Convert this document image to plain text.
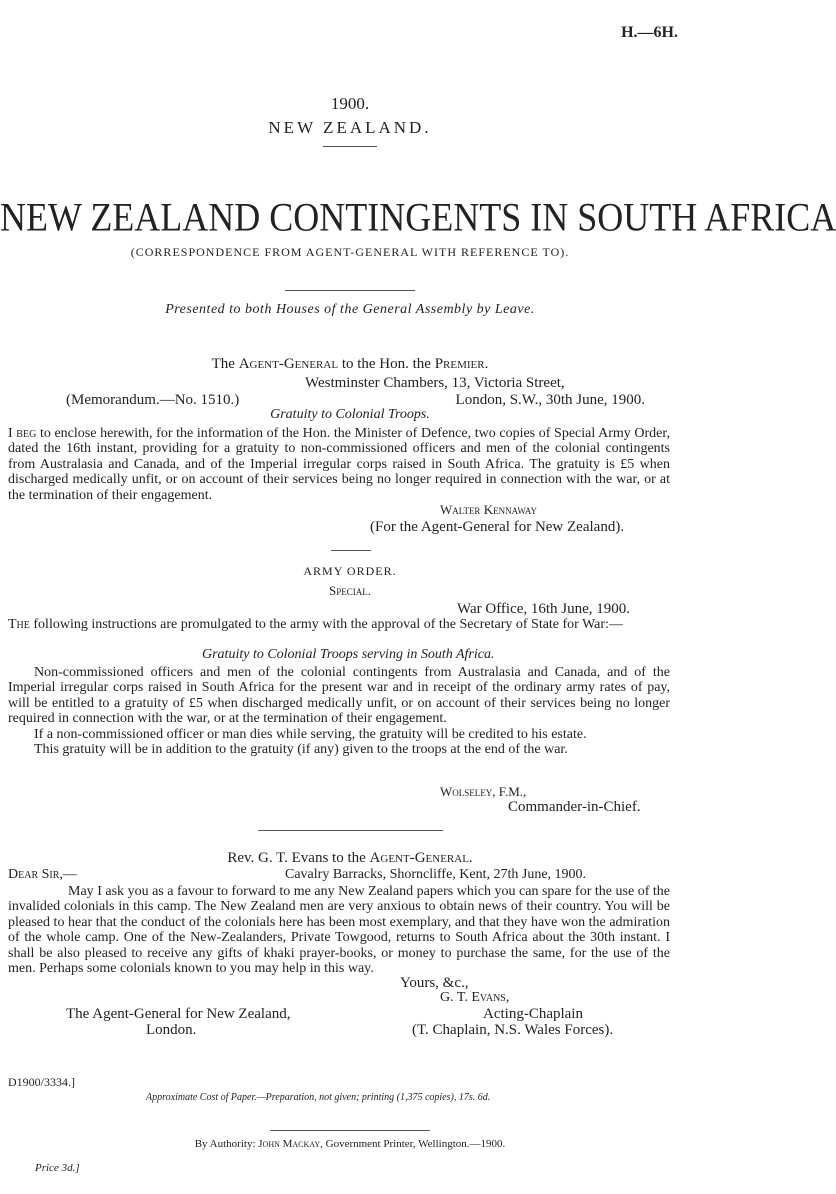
H.—6H.
1900.
NEW ZEALAND.
NEW ZEALAND CONTINGENTS IN SOUTH AFRICA
(CORRESPONDENCE FROM AGENT-GENERAL WITH REFERENCE TO).
Presented to both Houses of the General Assembly by Leave.
The Agent-General to the Hon. the Premier.
Westminster Chambers, 13, Victoria Street,
(Memorandum.—No. 1510.)	London, S.W., 30th June, 1900.
Gratuity to Colonial Troops.

I beg to enclose herewith, for the information of the Hon. the Minister of Defence, two copies of Special Army Order, dated the 16th instant, providing for a gratuity to non-commissioned officers and men of the colonial contingents from Australasia and Canada, and of the Imperial irregular corps raised in South Africa. The gratuity is £5 when discharged medically unfit, or on account of their services being no longer required in connection with the war, or at the termination of their engagement.

Walter Kennaway
(For the Agent-General for New Zealand).
ARMY ORDER.
Special.
War Office, 16th June, 1900.

The following instructions are promulgated to the army with the approval of the Secretary of State for War:—

Gratuity to Colonial Troops serving in South Africa.

Non-commissioned officers and men of the colonial contingents from Australasia and Canada, and of the Imperial irregular corps raised in South Africa for the present war and in receipt of the ordinary army rates of pay, will be entitled to a gratuity of £5 when discharged medically unfit, or on account of their services being no longer required in connection with the war, or at the termination of their engagement.

If a non-commissioned officer or man dies while serving, the gratuity will be credited to his estate.

This gratuity will be in addition to the gratuity (if any) given to the troops at the end of the war.

Wolseley, F.M.,
Commander-in-Chief.
Rev. G. T. Evans to the Agent-General.
Dear Sir,—	Cavalry Barracks, Shorncliffe, Kent, 27th June, 1900.

May I ask you as a favour to forward to me any New Zealand papers which you can spare for the use of the invalided colonials in this camp. The New Zealand men are very anxious to obtain news of their country. You will be pleased to hear that the conduct of the colonials here has been most exemplary, and that they have won the admiration of the whole camp. One of the New-Zealanders, Private Towgood, returns to South Africa about the 30th instant. I shall be also pleased to receive any gifts of khaki prayer-books, or money to purchase the same, for the use of the men. Perhaps some colonials known to you may help in this way.

Yours, &c.,
G. T. Evans,
The Agent-General for New Zealand,	Acting-Chaplain
London.	(T. Chaplain, N.S. Wales Forces).
D1900/3334.]
Approximate Cost of Paper.—Preparation, not given; printing (1,375 copies), 17s. 6d.
By Authority: John Mackay, Government Printer, Wellington.—1900.
Price 3d.]
